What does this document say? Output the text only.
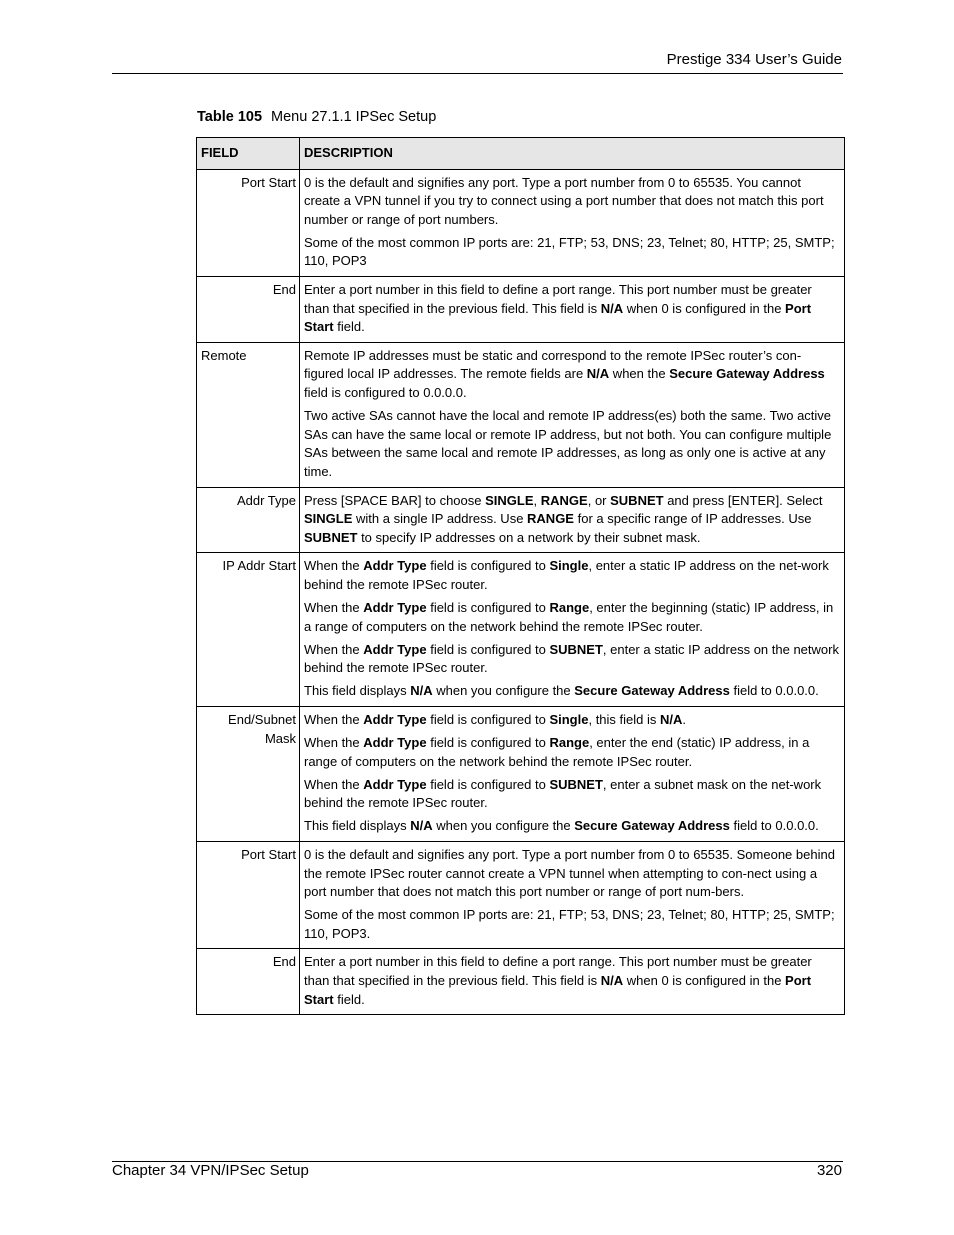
Prestige 334 User’s Guide
Table 105 Menu 27.1.1 IPSec Setup
FIELD	DESCRIPTION
Port Start	0 is the default and signifies any port. Type a port number from 0 to 65535. You cannot create a VPN tunnel if you try to connect using a port number that does not match this port number or range of port numbers.

Some of the most common IP ports are: 21, FTP; 53, DNS; 23, Telnet; 80, HTTP; 25, SMTP; 110, POP3

End	Enter a port number in this field to define a port range. This port number must be greater than that specified in the previous field. This field is N/A when 0 is configured in the Port Start field.

Remote	Remote IP addresses must be static and correspond to the remote IPSec router’s con-figured local IP addresses. The remote fields are N/A when the Secure Gateway Address field is configured to 0.0.0.0.

Two active SAs cannot have the local and remote IP address(es) both the same. Two active SAs can have the same local or remote IP address, but not both. You can configure multiple SAs between the same local and remote IP addresses, as long as only one is active at any time.

Addr Type	Press [SPACE BAR] to choose SINGLE, RANGE, or SUBNET and press [ENTER]. Select SINGLE with a single IP address. Use RANGE for a specific range of IP addresses. Use SUBNET to specify IP addresses on a network by their subnet mask.

IP Addr Start	When the Addr Type field is configured to Single, enter a static IP address on the net-work behind the remote IPSec router.

When the Addr Type field is configured to Range, enter the beginning (static) IP address, in a range of computers on the network behind the remote IPSec router.

When the Addr Type field is configured to SUBNET, enter a static IP address on the network behind the remote IPSec router.

This field displays N/A when you configure the Secure Gateway Address field to 0.0.0.0.

End/Subnet Mask	When the Addr Type field is configured to Single, this field is N/A.

When the Addr Type field is configured to Range, enter the end (static) IP address, in a range of computers on the network behind the remote IPSec router.

When the Addr Type field is configured to SUBNET, enter a subnet mask on the net-work behind the remote IPSec router.

This field displays N/A when you configure the Secure Gateway Address field to 0.0.0.0.

Port Start	0 is the default and signifies any port. Type a port number from 0 to 65535. Someone behind the remote IPSec router cannot create a VPN tunnel when attempting to con-nect using a port number that does not match this port number or range of port num-bers.

Some of the most common IP ports are: 21, FTP; 53, DNS; 23, Telnet; 80, HTTP; 25, SMTP; 110, POP3.

End	Enter a port number in this field to define a port range. This port number must be greater than that specified in the previous field. This field is N/A when 0 is configured in the Port Start field.

Chapter 34 VPN/IPSec Setup	320
